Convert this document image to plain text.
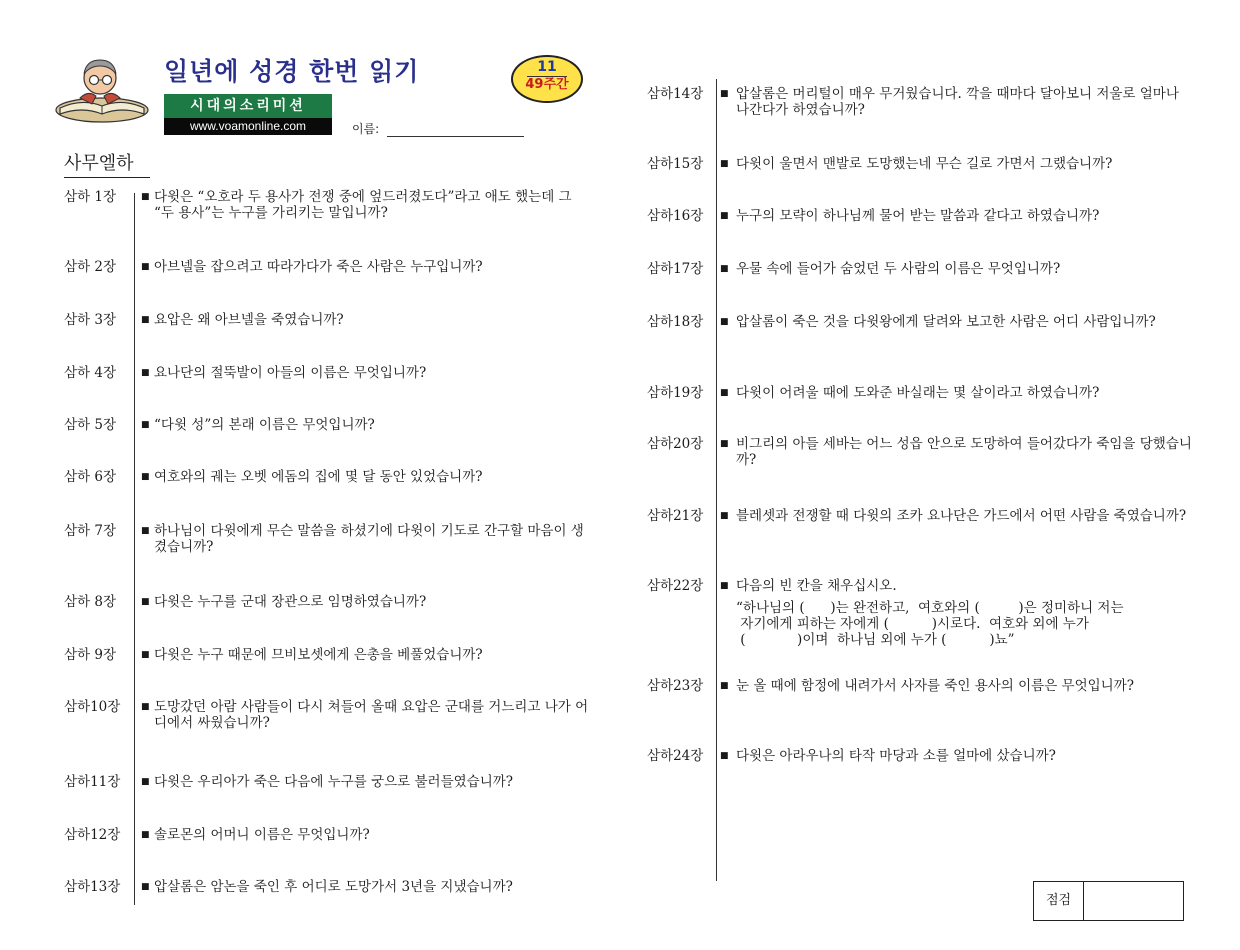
일년에 성경 한번 읽기	11
49주간
시대의소리미션
www.voamonline.com	이름:
사무엘하
삼하 1장	■ 다윗은 “오호라 두 용사가 전쟁 중에 엎드러졌도다”라고 애도 했는데 그 “두 용사”는 누구를 가리키는 말입니까?
삼하 2장	■ 아브넬을 잡으려고 따라가다가 죽은 사람은 누구입니까?
삼하 3장	■ 요압은 왜 아브넬을 죽였습니까?
삼하 4장	■ 요나단의 절뚝발이 아들의 이름은 무엇입니까?
삼하 5장	■ “다윗 성”의 본래 이름은 무엇입니까?
삼하 6장	■ 여호와의 궤는 오벳 에돔의 집에 몇 달 동안 있었습니까?
삼하 7장	■ 하나님이 다윗에게 무슨 말씀을 하셨기에 다윗이 기도로 간구할 마음이 생겼습니까?
삼하 8장	■ 다윗은 누구를 군대 장관으로 임명하였습니까?
삼하 9장	■ 다윗은 누구 때문에 므비보셋에게 은총을 베풀었습니까?
삼하10장 ■ 도망갔던 아람 사람들이 다시 쳐들어 올때 요압은 군대를 거느리고 나가 어디에서 싸웠습니까?
삼하11장 ■ 다윗은 우리아가 죽은 다음에 누구를 궁으로 불러들였습니까?
삼하12장 ■ 솔로몬의 어머니 이름은 무엇입니까?
삼하13장 ■ 압살롬은 암논을 죽인 후 어디로 도망가서 3년을 지냈습니까?
삼하14장 ■ 압살롬은 머리털이 매우 무거웠습니다. 깍을 때마다 달아보니 저울로 얼마나 나간다가 하였습니까?
삼하15장 ■ 다윗이 울면서 맨발로 도망했는네 무슨 길로 가면서 그랬습니까?
삼하16장 ■ 누구의 모략이 하나님께 물어 받는 말씀과 같다고 하였습니까?
삼하17장 ■ 우물 속에 들어가 숨었던 두 사람의 이름은 무엇입니까?
삼하18장 ■ 압살롬이 죽은 것을 다윗왕에게 달려와 보고한 사람은 어디 사람입니까?
삼하19장 ■ 다윗이 어려울 때에 도와준 바실래는 몇 살이라고 하였습니까?
삼하20장 ■ 비그리의 아들 세바는 어느 성읍 안으로 도망하여 들어갔다가 죽임을 당했습니까?
삼하21장 ■ 블레셋과 전쟁할 때 다윗의 조카 요나단은 가드에서 어떤 사람을 죽였습니까?
삼하22장 ■ 다음의 빈 칸을 채우십시오.
“하나님의 (      )는 완전하고,  여호와의 (         )은 정미하니 저는
자기에게 피하는 자에게 (          )시로다.  여호와 외에 누가
(            )이며  하나님 외에 누가 (          )뇨”
삼하23장 ■ 눈 올 때에 함정에 내려가서 사자를 죽인 용사의 이름은 무엇입니까?
삼하24장 ■ 다윗은 아라우나의 타작 마당과 소를 얼마에 샀습니까?
점검
